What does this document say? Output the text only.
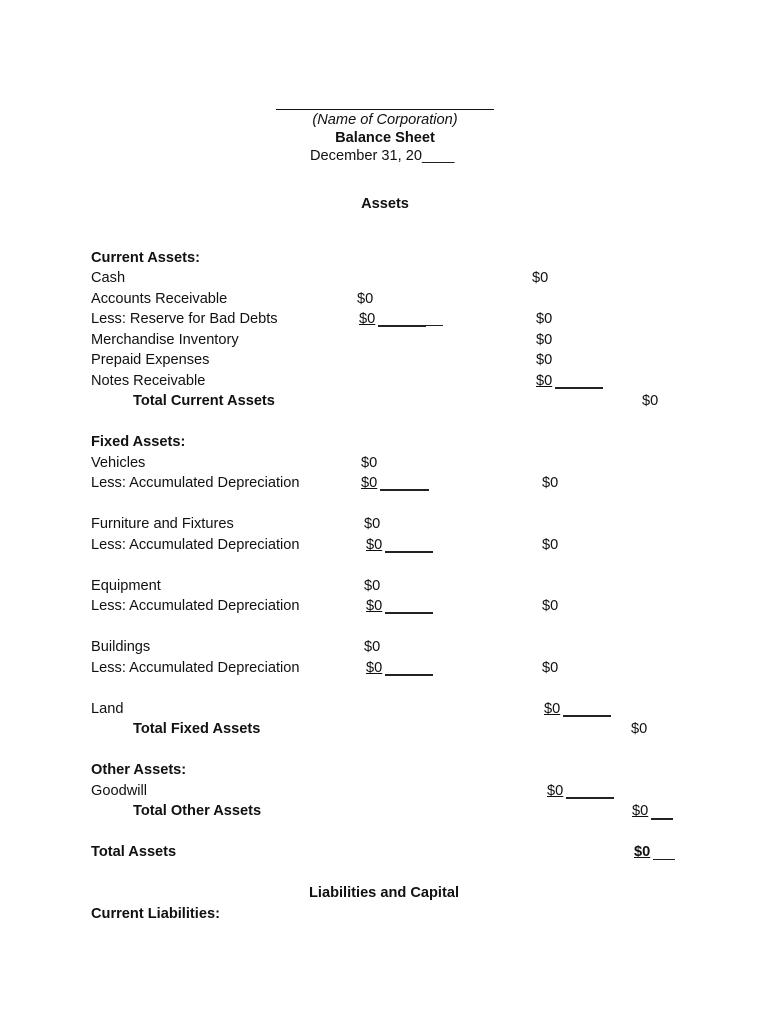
(Name of Corporation)
Balance Sheet
December 31, 20____
Assets
Current Assets:
Cash	$0
Accounts Receivable	$0
Less: Reserve for Bad Debts	$0	$0
Merchandise Inventory	$0
Prepaid Expenses	$0
Notes Receivable	$0
Total Current Assets	$0
Fixed Assets:
Vehicles	$0
Less: Accumulated Depreciation	$0	$0
Furniture and Fixtures	$0
Less: Accumulated Depreciation	$0	$0
Equipment	$0
Less: Accumulated Depreciation	$0	$0
Buildings	$0
Less: Accumulated Depreciation	$0	$0
Land	$0
Total Fixed Assets	$0
Other Assets:
Goodwill	$0
Total Other Assets	$0
Total Assets	$0
Liabilities and Capital
Current Liabilities:
